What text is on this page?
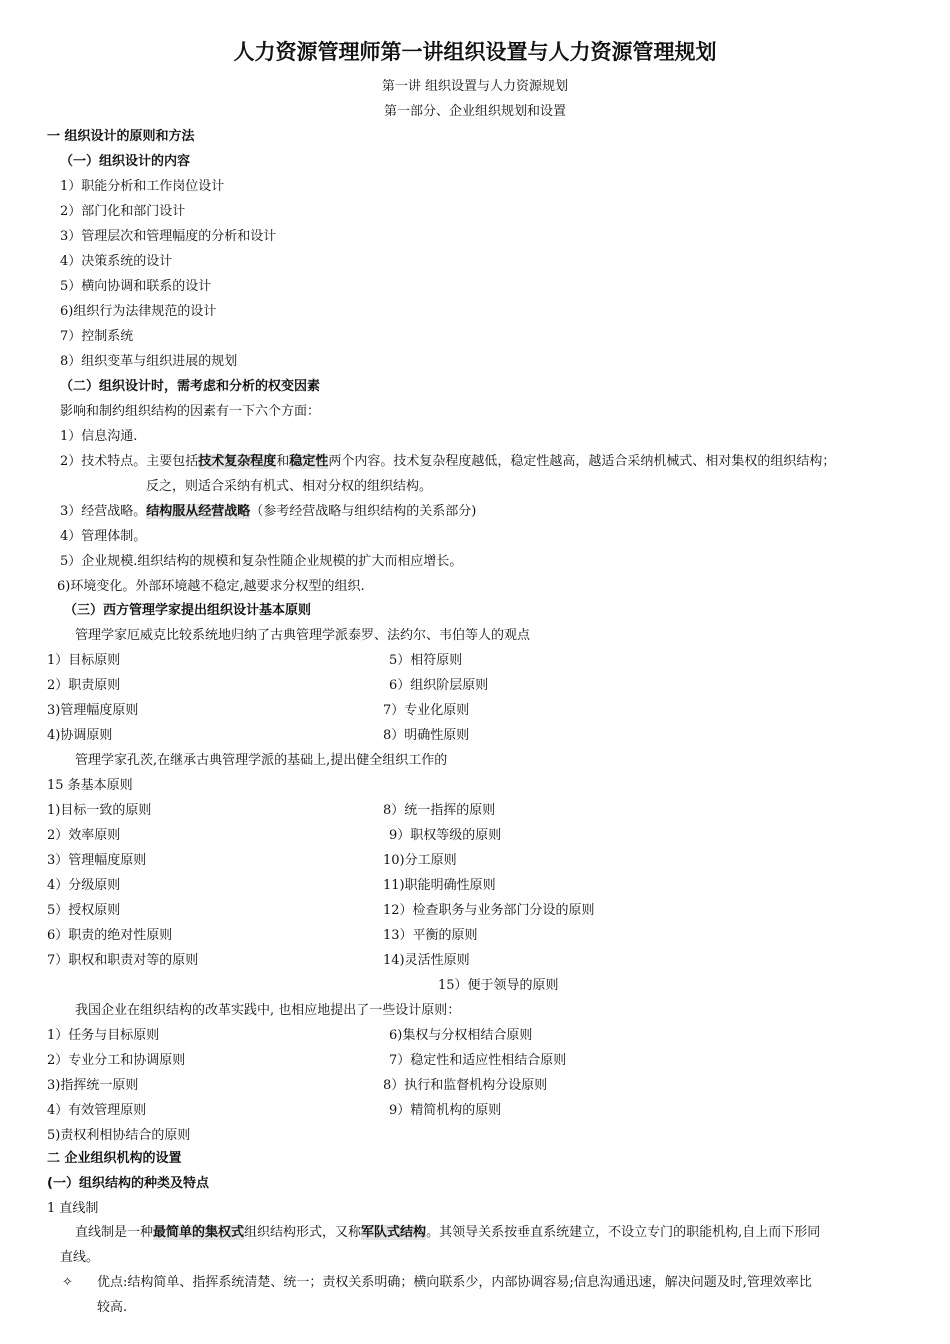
人力资源管理师第一讲组织设置与人力资源管理规划
第一讲 组织设置与人力资源规划
第一部分、企业组织规划和设置
一 组织设计的原则和方法
（一）组织设计的内容
1）职能分析和工作岗位设计
2）部门化和部门设计
3）管理层次和管理幅度的分析和设计
4）决策系统的设计
5）横向协调和联系的设计
6)组织行为法律规范的设计
7）控制系统
8）组织变革与组织进展的规划
（二）组织设计时，需考虑和分析的权变因素
影响和制约组织结构的因素有一下六个方面：
1）信息沟通.
2）技术特点。主要包括技术复杂程度和稳定性两个内容。技术复杂程度越低，稳定性越高，越适合采纳机械式、相对集权的组织结构；
反之，则适合采纳有机式、相对分权的组织结构。
3）经营战略。结构服从经营战略（参考经营战略与组织结构的关系部分)
4）管理体制。
5）企业规模.组织结构的规模和复杂性随企业规模的扩大而相应增长。
6)环境变化。外部环境越不稳定,越要求分权型的组织.
（三）西方管理学家提出组织设计基本原则
管理学家厄威克比较系统地归纳了古典管理学派泰罗、法约尔、韦伯等人的观点
1）目标原则
2）职责原则
3)管理幅度原则
4)协调原则
5）相符原则
6）组织阶层原则
7）专业化原则
8）明确性原则
管理学家孔茨,在继承古典管理学派的基础上,提出健全组织工作的
15 条基本原则
1)目标一致的原则
2）效率原则
3）管理幅度原则
4）分级原则
5）授权原则
6）职责的绝对性原则
7）职权和职责对等的原则
8）统一指挥的原则
9）职权等级的原则
10)分工原则
11)职能明确性原则
12）检查职务与业务部门分设的原则
13）平衡的原则
14)灵活性原则
15）便于领导的原则
我国企业在组织结构的改革实践中, 也相应地提出了一些设计原则：
1）任务与目标原则
2）专业分工和协调原则
3)指挥统一原则
4）有效管理原则
5)责权利相协结合的原则
6)集权与分权相结合原则
7）稳定性和适应性相结合原则
8）执行和监督机构分设原则
9）精简机构的原则
二 企业组织机构的设置
(一）组织结构的种类及特点
1 直线制
直线制是一种最简单的集权式组织结构形式，又称军队式结构。其领导关系按垂直系统建立，不设立专门的职能机构,自上而下形同
直线。
✧ 优点:结构简单、指挥系统清楚、统一；责权关系明确；横向联系少，内部协调容易;信息沟通迅速，解决问题及时,管理效率比
较高.
